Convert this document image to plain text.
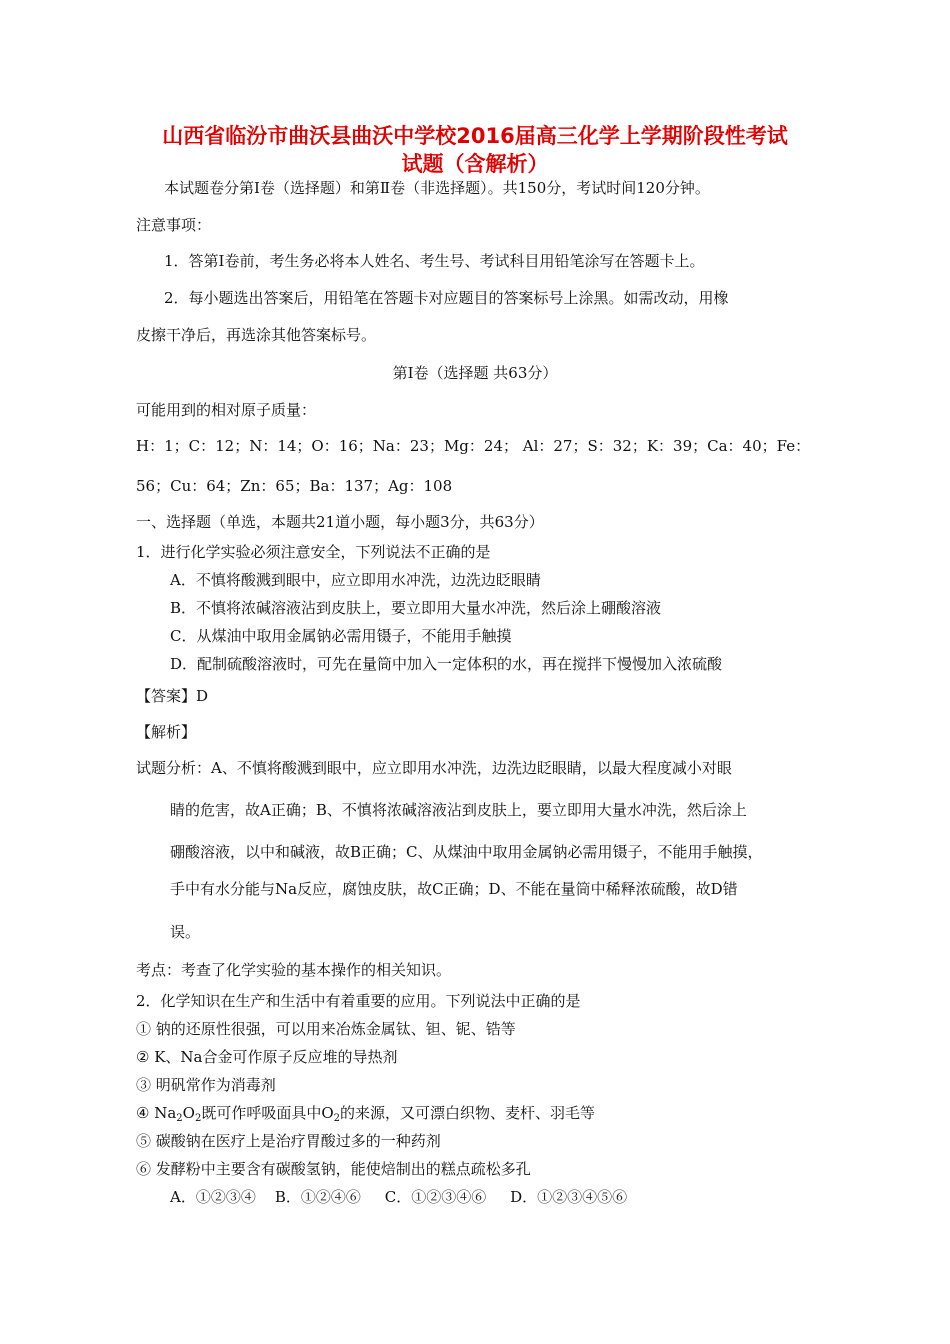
山西省临汾市曲沃县曲沃中学校2016届高三化学上学期阶段性考试
试题（含解析）
本试题卷分第Ⅰ卷（选择题）和第Ⅱ卷（非选择题）。共150分，考试时间120分钟。
注意事项：
1．答第Ⅰ卷前，考生务必将本人姓名、考生号、考试科目用铅笔涂写在答题卡上。
2．每小题选出答案后，用铅笔在答题卡对应题目的答案标号上涂黑。如需改动，用橡
皮擦干净后，再选涂其他答案标号。
第Ⅰ卷（选择题 共63分）
可能用到的相对原子质量：
H：1；C：12；N：14；O：16；Na：23；Mg：24； Al：27；S：32；K：39；Ca：40；Fe：
56；Cu：64；Zn：65；Ba：137；Ag：108
一、选择题（单选，本题共21道小题，每小题3分，共63分）
1．进行化学实验必须注意安全，下列说法不正确的是
A．不慎将酸溅到眼中，应立即用水冲洗，边洗边眨眼睛
B．不慎将浓碱溶液沾到皮肤上，要立即用大量水冲洗，然后涂上硼酸溶液
C．从煤油中取用金属钠必需用镊子，不能用手触摸
D．配制硫酸溶液时，可先在量筒中加入一定体积的水，再在搅拌下慢慢加入浓硫酸
【答案】D
【解析】
试题分析：A、不慎将酸溅到眼中，应立即用水冲洗，边洗边眨眼睛，以最大程度减小对眼
睛的危害，故A正确；B、不慎将浓碱溶液沾到皮肤上，要立即用大量水冲洗，然后涂上
硼酸溶液，以中和碱液，故B正确；C、从煤油中取用金属钠必需用镊子，不能用手触摸，
手中有水分能与Na反应，腐蚀皮肤，故C正确；D、不能在量筒中稀释浓硫酸，故D错
误。
考点：考查了化学实验的基本操作的相关知识。
2．化学知识在生产和生活中有着重要的应用。下列说法中正确的是
① 钠的还原性很强，可以用来冶炼金属钛、钽、铌、锆等
② K、Na合金可作原子反应堆的导热剂
③ 明矾常作为消毒剂
④ $Na_2O_2$既可作呼吸面具中$O_2$的来源，又可漂白织物、麦杆、羽毛等
⑤ 碳酸钠在医疗上是治疗胃酸过多的一种药剂
⑥ 发酵粉中主要含有碳酸氢钠，能使焙制出的糕点疏松多孔
A．①②③④    B．①②④⑥     C．①②③④⑥     D．①②③④⑤⑥
